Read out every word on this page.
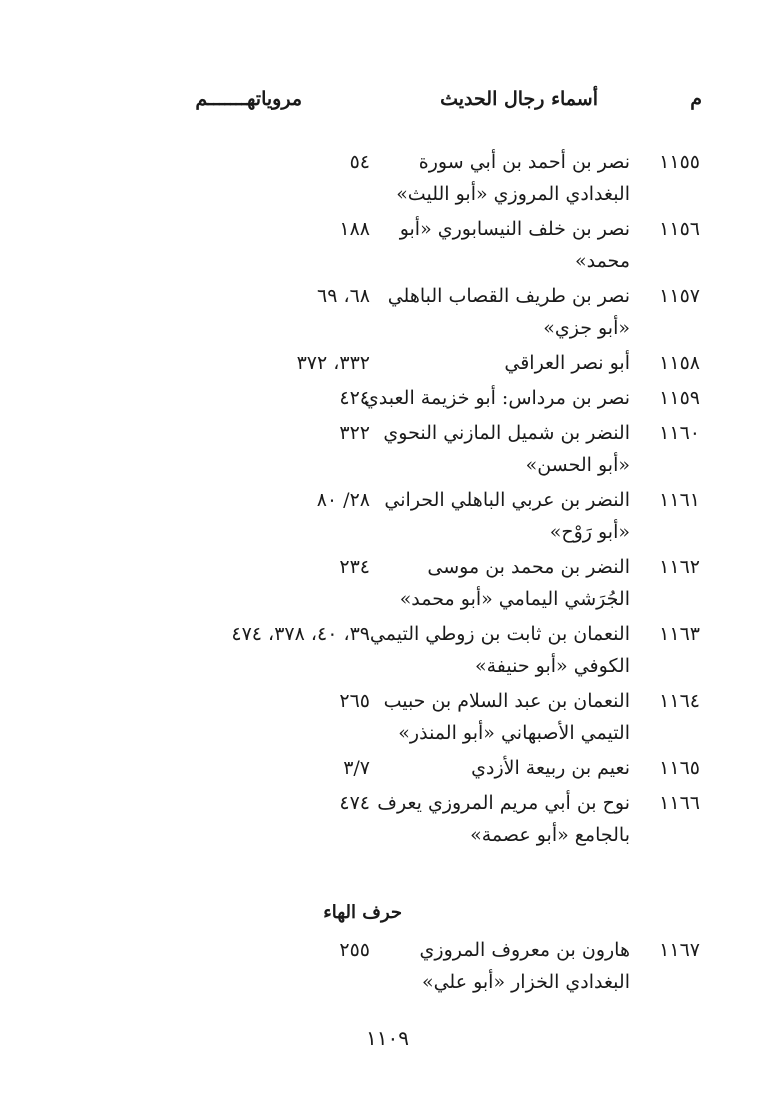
م
أسماء رجال الحديث
مروياتهـــــــم
١١٥٥
نصر بن أحمد بن أبي سورة
البغدادي المروزي «أبو الليث»
٥٤
١١٥٦
نصر بن خلف النيسابوري «أبو
محمد»
١٨٨
١١٥٧
نصر بن طريف القصاب الباهلي
«أبو جزي»
٦٨، ٦٩
١١٥٨
أبو نصر العراقي
٣٣٢، ٣٧٢
١١٥٩
نصر بن مرداس: أبو خزيمة العبدي
٤٢٤
١١٦٠
النضر بن شميل المازني النحوي
«أبو الحسن»
٣٢٢
١١٦١
النضر بن عربي الباهلي الحراني
«أبو رَوْح»
٢٨/ ٨٠
١١٦٢
النضر بن محمد بن موسى
الجُرَشي اليمامي «أبو محمد»
٢٣٤
١١٦٣
النعمان بن ثابت بن زوطي التيمي
الكوفي «أبو حنيفة»
٣٩، ٤٠، ٣٧٨، ٤٧٤
١١٦٤
النعمان بن عبد السلام بن حبيب
التيمي الأصبهاني «أبو المنذر»
٢٦٥
١١٦٥
نعيم بن ربيعة الأزدي
٣/٧
١١٦٦
نوح بن أبي مريم المروزي يعرف
بالجامع «أبو عصمة»
٤٧٤
حرف الهاء
١١٦٧
هارون بن معروف المروزي
البغدادي الخزار «أبو علي»
٢٥٥
١١٠٩
